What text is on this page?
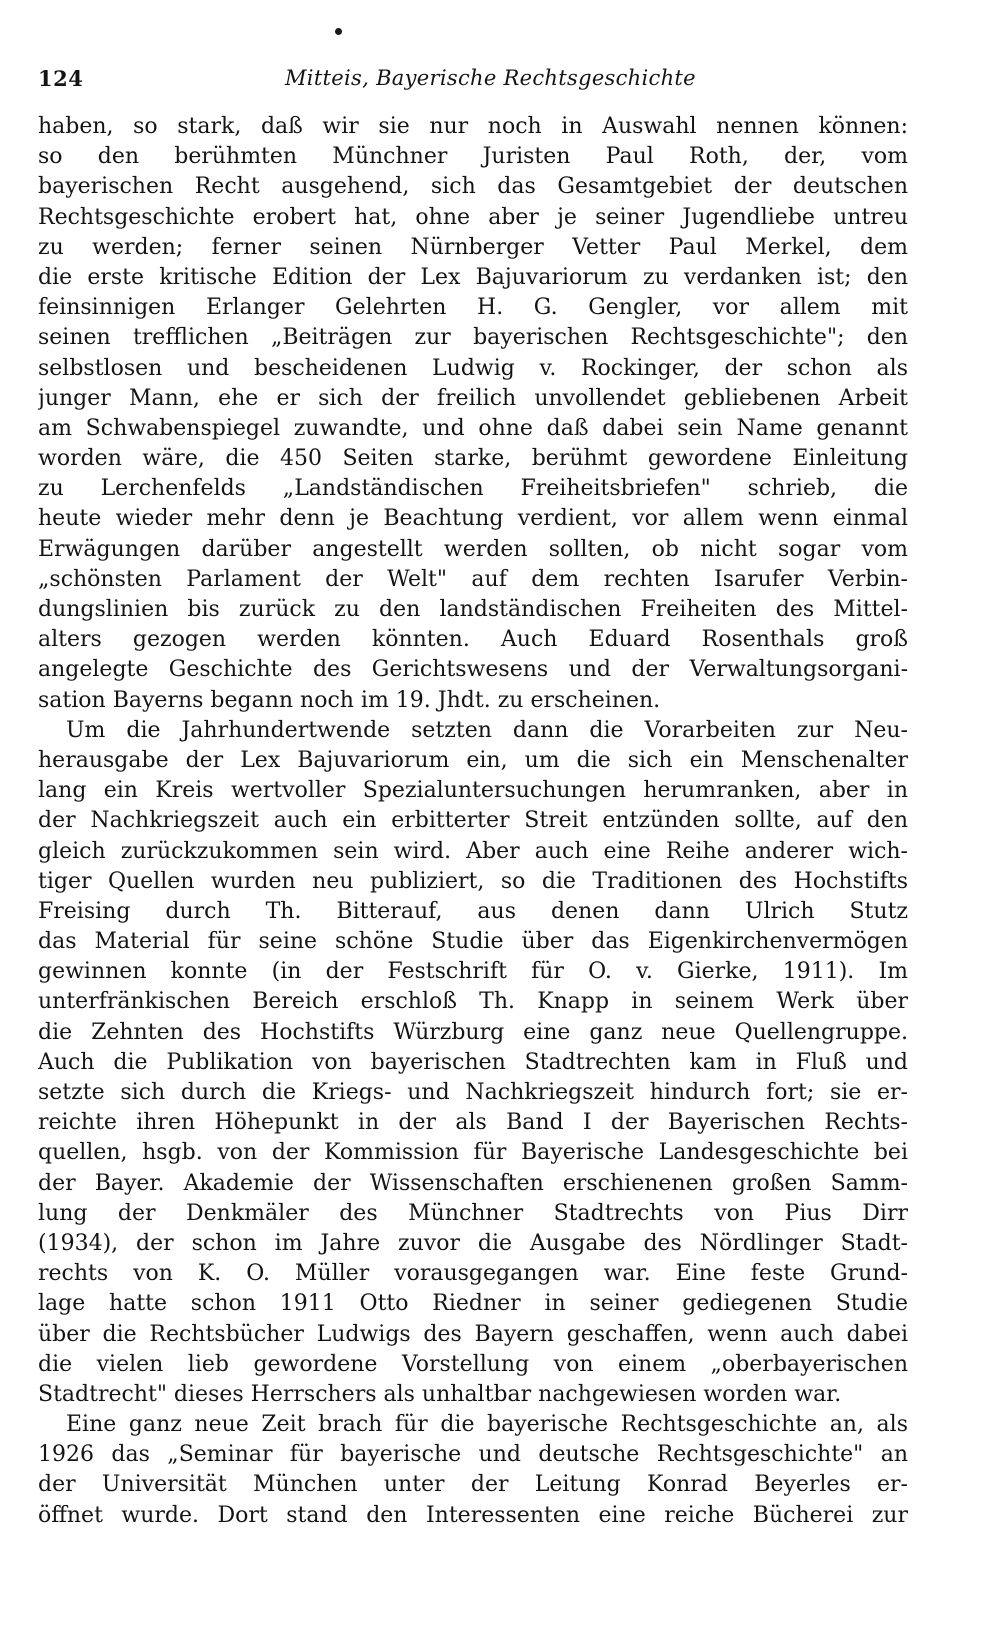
124	Mitteis, Bayerische Rechtsgeschichte
haben, so stark, daß wir sie nur noch in Auswahl nennen können:
so den berühmten Münchner Juristen Paul Roth, der, vom
bayerischen Recht ausgehend, sich das Gesamtgebiet der deutschen
Rechtsgeschichte erobert hat, ohne aber je seiner Jugendliebe untreu
zu werden; ferner seinen Nürnberger Vetter Paul Merkel, dem
die erste kritische Edition der Lex Bajuvariorum zu verdanken ist; den
feinsinnigen Erlanger Gelehrten H. G. Gengler, vor allem mit
seinen trefflichen „Beiträgen zur bayerischen Rechtsgeschichte"; den
selbstlosen und bescheidenen Ludwig v. Rockinger, der schon als
junger Mann, ehe er sich der freilich unvollendet gebliebenen Arbeit
am Schwabenspiegel zuwandte, und ohne daß dabei sein Name genannt
worden wäre, die 450 Seiten starke, berühmt gewordene Einleitung
zu Lerchenfelds „Landständischen Freiheitsbriefen" schrieb, die
heute wieder mehr denn je Beachtung verdient, vor allem wenn einmal
Erwägungen darüber angestellt werden sollten, ob nicht sogar vom
„schönsten Parlament der Welt" auf dem rechten Isarufer Verbin-
dungslinien bis zurück zu den landständischen Freiheiten des Mittel-
alters gezogen werden könnten. Auch Eduard Rosenthals groß
angelegte Geschichte des Gerichtswesens und der Verwaltungsorgani-
sation Bayerns begann noch im 19. Jhdt. zu erscheinen.
Um die Jahrhundertwende setzten dann die Vorarbeiten zur Neu-
herausgabe der Lex Bajuvariorum ein, um die sich ein Menschenalter
lang ein Kreis wertvoller Spezialuntersuchungen herumranken, aber in
der Nachkriegszeit auch ein erbitterter Streit entzünden sollte, auf den
gleich zurückzukommen sein wird. Aber auch eine Reihe anderer wich-
tiger Quellen wurden neu publiziert, so die Traditionen des Hochstifts
Freising durch Th. Bitterauf, aus denen dann Ulrich Stutz
das Material für seine schöne Studie über das Eigenkirchenvermögen
gewinnen konnte (in der Festschrift für O. v. Gierke, 1911). Im
unterfränkischen Bereich erschloß Th. Knapp in seinem Werk über
die Zehnten des Hochstifts Würzburg eine ganz neue Quellengruppe.
Auch die Publikation von bayerischen Stadtrechten kam in Fluß und
setzte sich durch die Kriegs- und Nachkriegszeit hindurch fort; sie er-
reichte ihren Höhepunkt in der als Band I der Bayerischen Rechts-
quellen, hsgb. von der Kommission für Bayerische Landesgeschichte bei
der Bayer. Akademie der Wissenschaften erschienenen großen Samm-
lung der Denkmäler des Münchner Stadtrechts von Pius Dirr
(1934), der schon im Jahre zuvor die Ausgabe des Nördlinger Stadt-
rechts von K. O. Müller vorausgegangen war. Eine feste Grund-
lage hatte schon 1911 Otto Riedner in seiner gediegenen Studie
über die Rechtsbücher Ludwigs des Bayern geschaffen, wenn auch dabei
die vielen lieb gewordene Vorstellung von einem „oberbayerischen
Stadtrecht" dieses Herrschers als unhaltbar nachgewiesen worden war.
Eine ganz neue Zeit brach für die bayerische Rechtsgeschichte an, als
1926 das „Seminar für bayerische und deutsche Rechtsgeschichte" an
der Universität München unter der Leitung Konrad Beyerles er-
öffnet wurde. Dort stand den Interessenten eine reiche Bücherei zur
